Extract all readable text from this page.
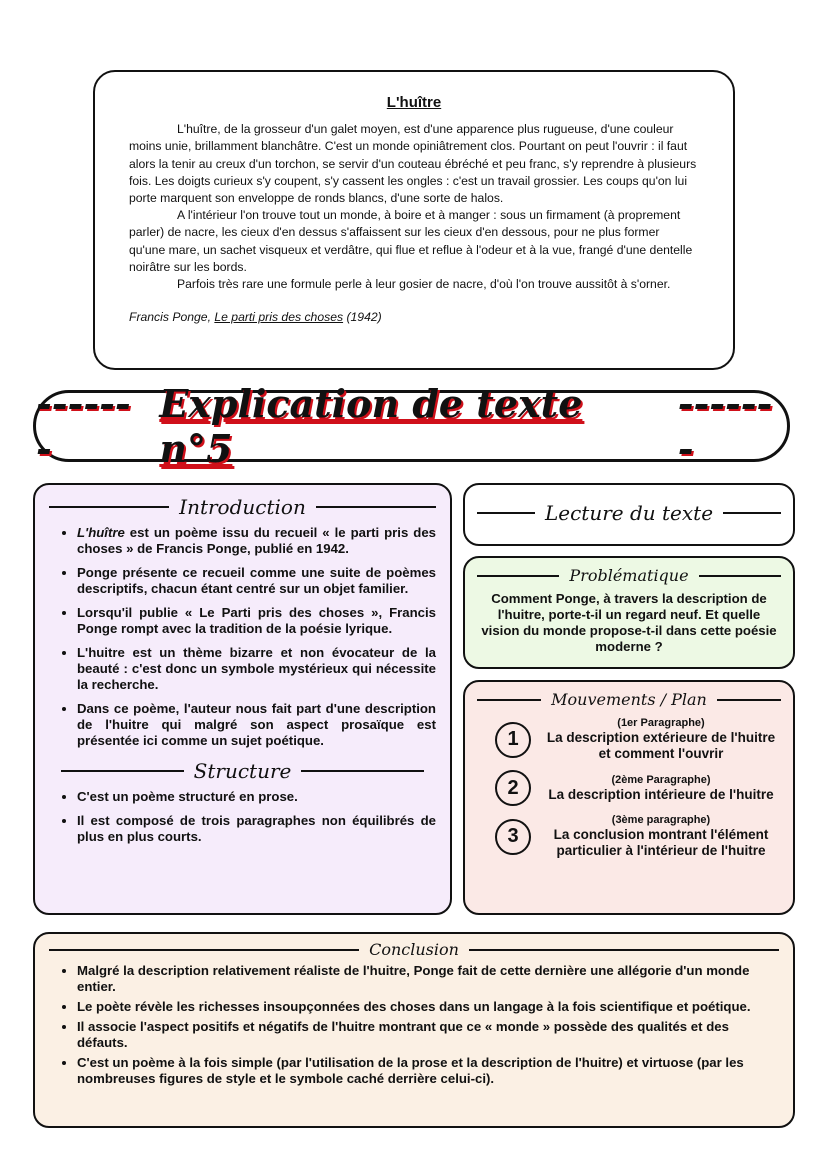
L'huître

L'huître, de la grosseur d'un galet moyen, est d'une apparence plus rugueuse, d'une couleur moins unie, brillamment blanchâtre. C'est un monde opiniâtrement clos. Pourtant on peut l'ouvrir : il faut alors la tenir au creux d'un torchon, se servir d'un couteau ébréché et peu franc, s'y reprendre à plusieurs fois. Les doigts curieux s'y coupent, s'y cassent les ongles : c'est un travail grossier. Les coups qu'on lui porte marquent son enveloppe de ronds blancs, d'une sorte de halos.

A l'intérieur l'on trouve tout un monde, à boire et à manger : sous un firmament (à proprement parler) de nacre, les cieux d'en dessus s'affaissent sur les cieux d'en dessous, pour ne plus former qu'une mare, un sachet visqueux et verdâtre, qui flue et reflue à l'odeur et à la vue, frangé d'une dentelle noirâtre sur les bords.

Parfois très rare une formule perle à leur gosier de nacre, d'où l'on trouve aussitôt à s'orner.

Francis Ponge, Le parti pris des choses (1942)

-------
Explication de texte n°5
-------
Introduction
• L'huître est un poème issu du recueil « le parti pris des choses » de Francis Ponge, publié en 1942.
• Ponge présente ce recueil comme une suite de poèmes descriptifs, chacun étant centré sur un objet familier.
• Lorsqu'il publie « Le Parti pris des choses », Francis Ponge rompt avec la tradition de la poésie lyrique.
• L'huitre est un thème bizarre et non évocateur de la beauté : c'est donc un symbole mystérieux qui nécessite la recherche.
• Dans ce poème, l'auteur nous fait part d'une description de l'huitre qui malgré son aspect prosaïque est présentée ici comme un sujet poétique.
Structure
• C'est un poème structuré en prose.
• Il est composé de trois paragraphes non équilibrés de plus en plus courts.
Lecture du texte
Problématique

Comment Ponge, à travers la description de l'huitre, porte-t-il un regard neuf. Et quelle vision du monde propose-t-il dans cette poésie moderne ?

Mouvements / Plan
1
(1er Paragraphe)
La description extérieure de l'huitre et comment l'ouvrir
2	(2ème Paragraphe)
La description intérieure de l'huitre
3
(3ème paragraphe)
La conclusion montrant l'élément particulier à l'intérieur de l'huitre
Conclusion
• Malgré la description relativement réaliste de l'huitre, Ponge fait de cette dernière une allégorie d'un monde entier.
• Le poète révèle les richesses insoupçonnées des choses dans un langage à la fois scientifique et poétique.
• Il associe l'aspect positifs et négatifs de l'huitre montrant que ce « monde » possède des qualités et des défauts.
• C'est un poème à la fois simple (par l'utilisation de la prose et la description de l'huitre) et virtuose (par les nombreuses figures de style et le symbole caché derrière celui-ci).
